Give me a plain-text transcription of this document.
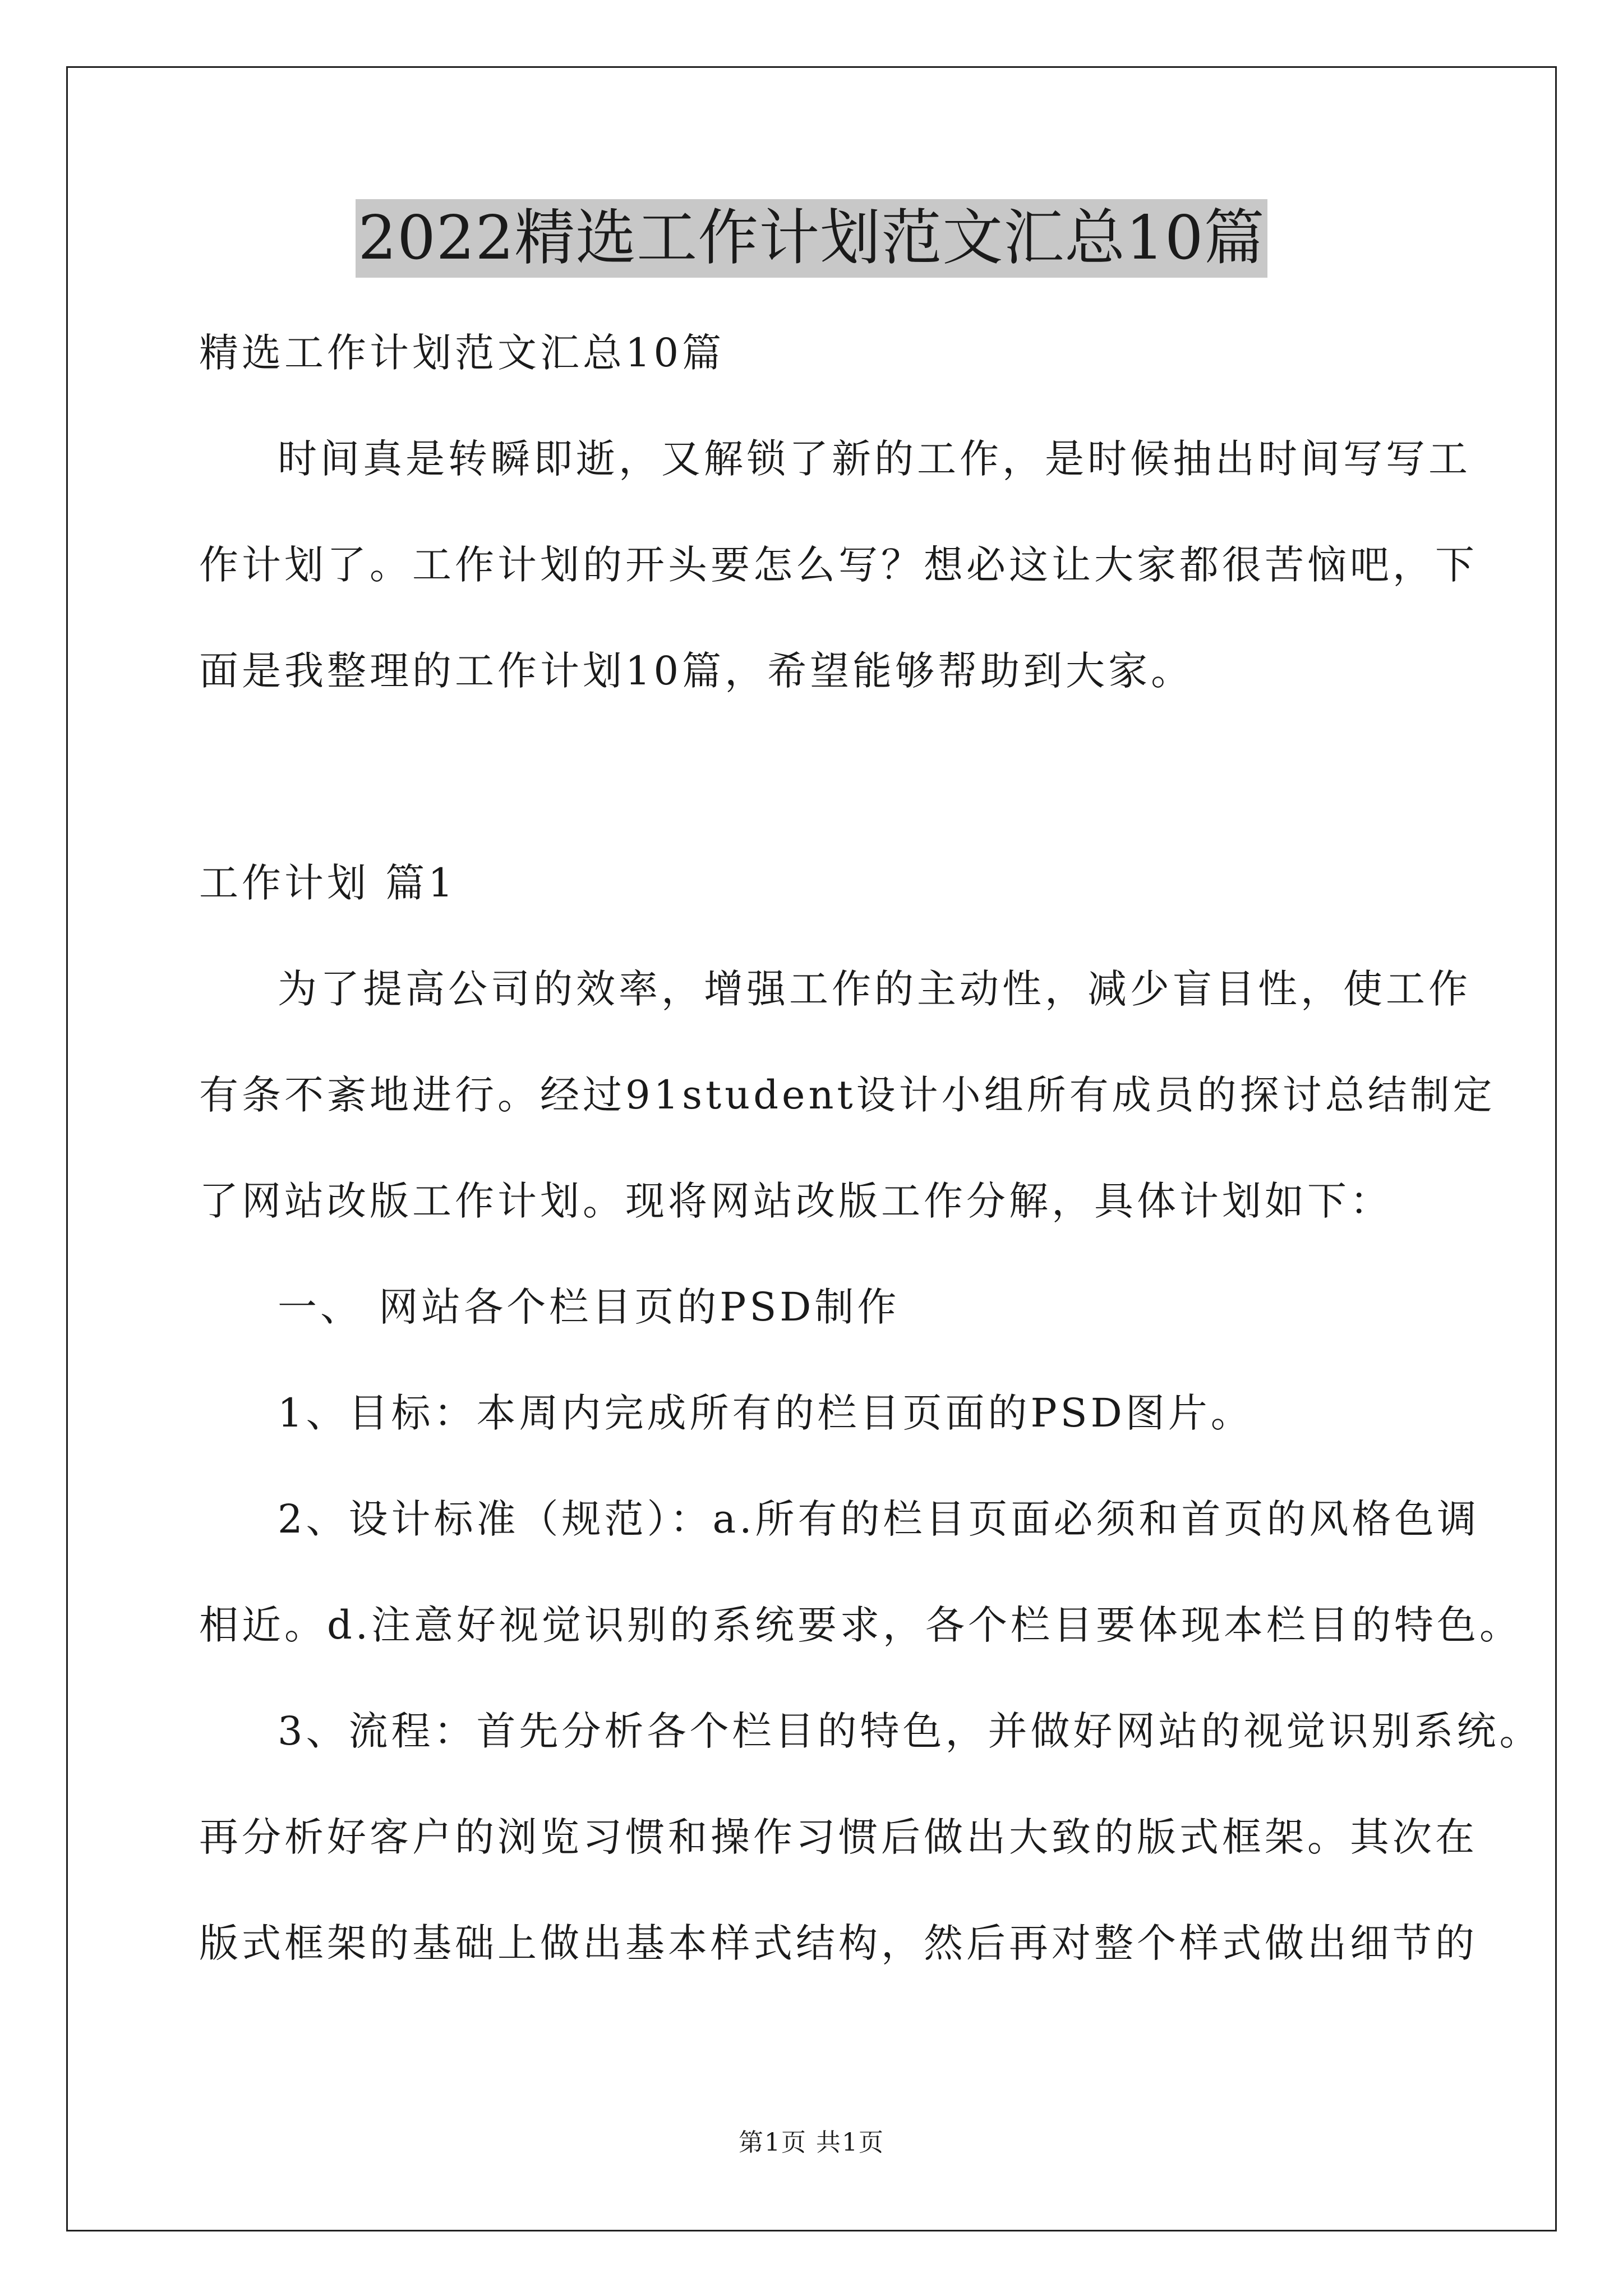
2022精选工作计划范文汇总10篇

精选工作计划范文汇总10篇

时间真是转瞬即逝，又解锁了新的工作，是时候抽出时间写写工

作计划了。工作计划的开头要怎么写？想必这让大家都很苦恼吧，下

面是我整理的工作计划10篇，希望能够帮助到大家。

工作计划 篇1

为了提高公司的效率，增强工作的主动性，减少盲目性，使工作

有条不紊地进行。经过91student设计小组所有成员的探讨总结制定

了网站改版工作计划。现将网站改版工作分解，具体计划如下：

一、 网站各个栏目页的PSD制作

1、目标：本周内完成所有的栏目页面的PSD图片。

2、设计标准（规范）：a.所有的栏目页面必须和首页的风格色调

相近。d.注意好视觉识别的系统要求，各个栏目要体现本栏目的特色。

3、流程：首先分析各个栏目的特色，并做好网站的视觉识别系统。

再分析好客户的浏览习惯和操作习惯后做出大致的版式框架。其次在

版式框架的基础上做出基本样式结构，然后再对整个样式做出细节的

第1页 共1页
